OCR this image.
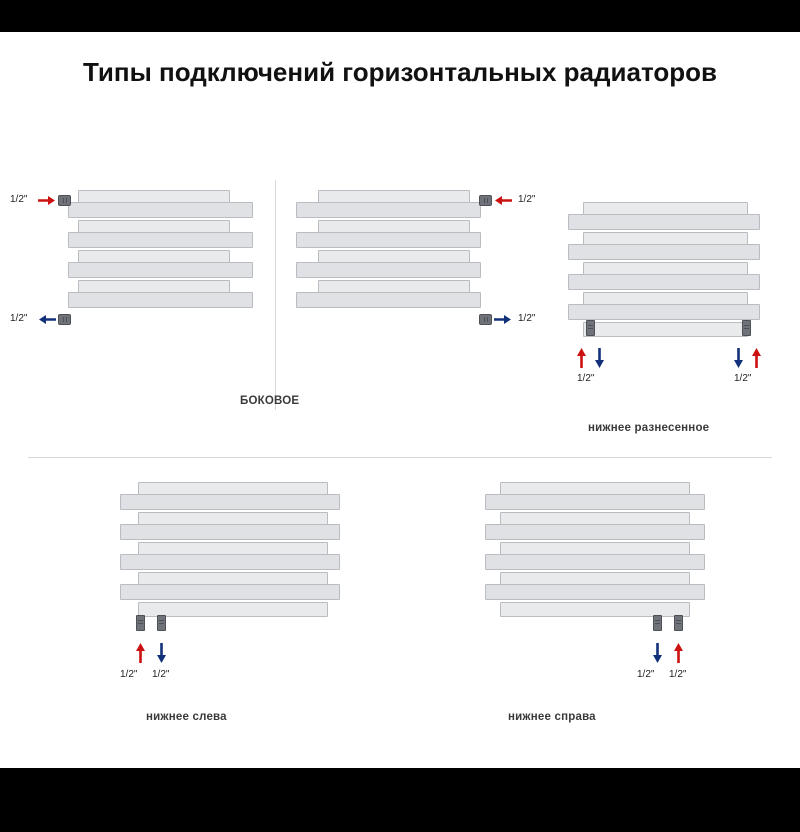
Типы подключений горизонтальных радиаторов
1/2"
1/2"
1/2"
1/2"
БОКОВОЕ
1/2"	1/2"
нижнее разнесенное
1/2" 1/2"
нижнее слева
1/2" 1/2"
нижнее справа
